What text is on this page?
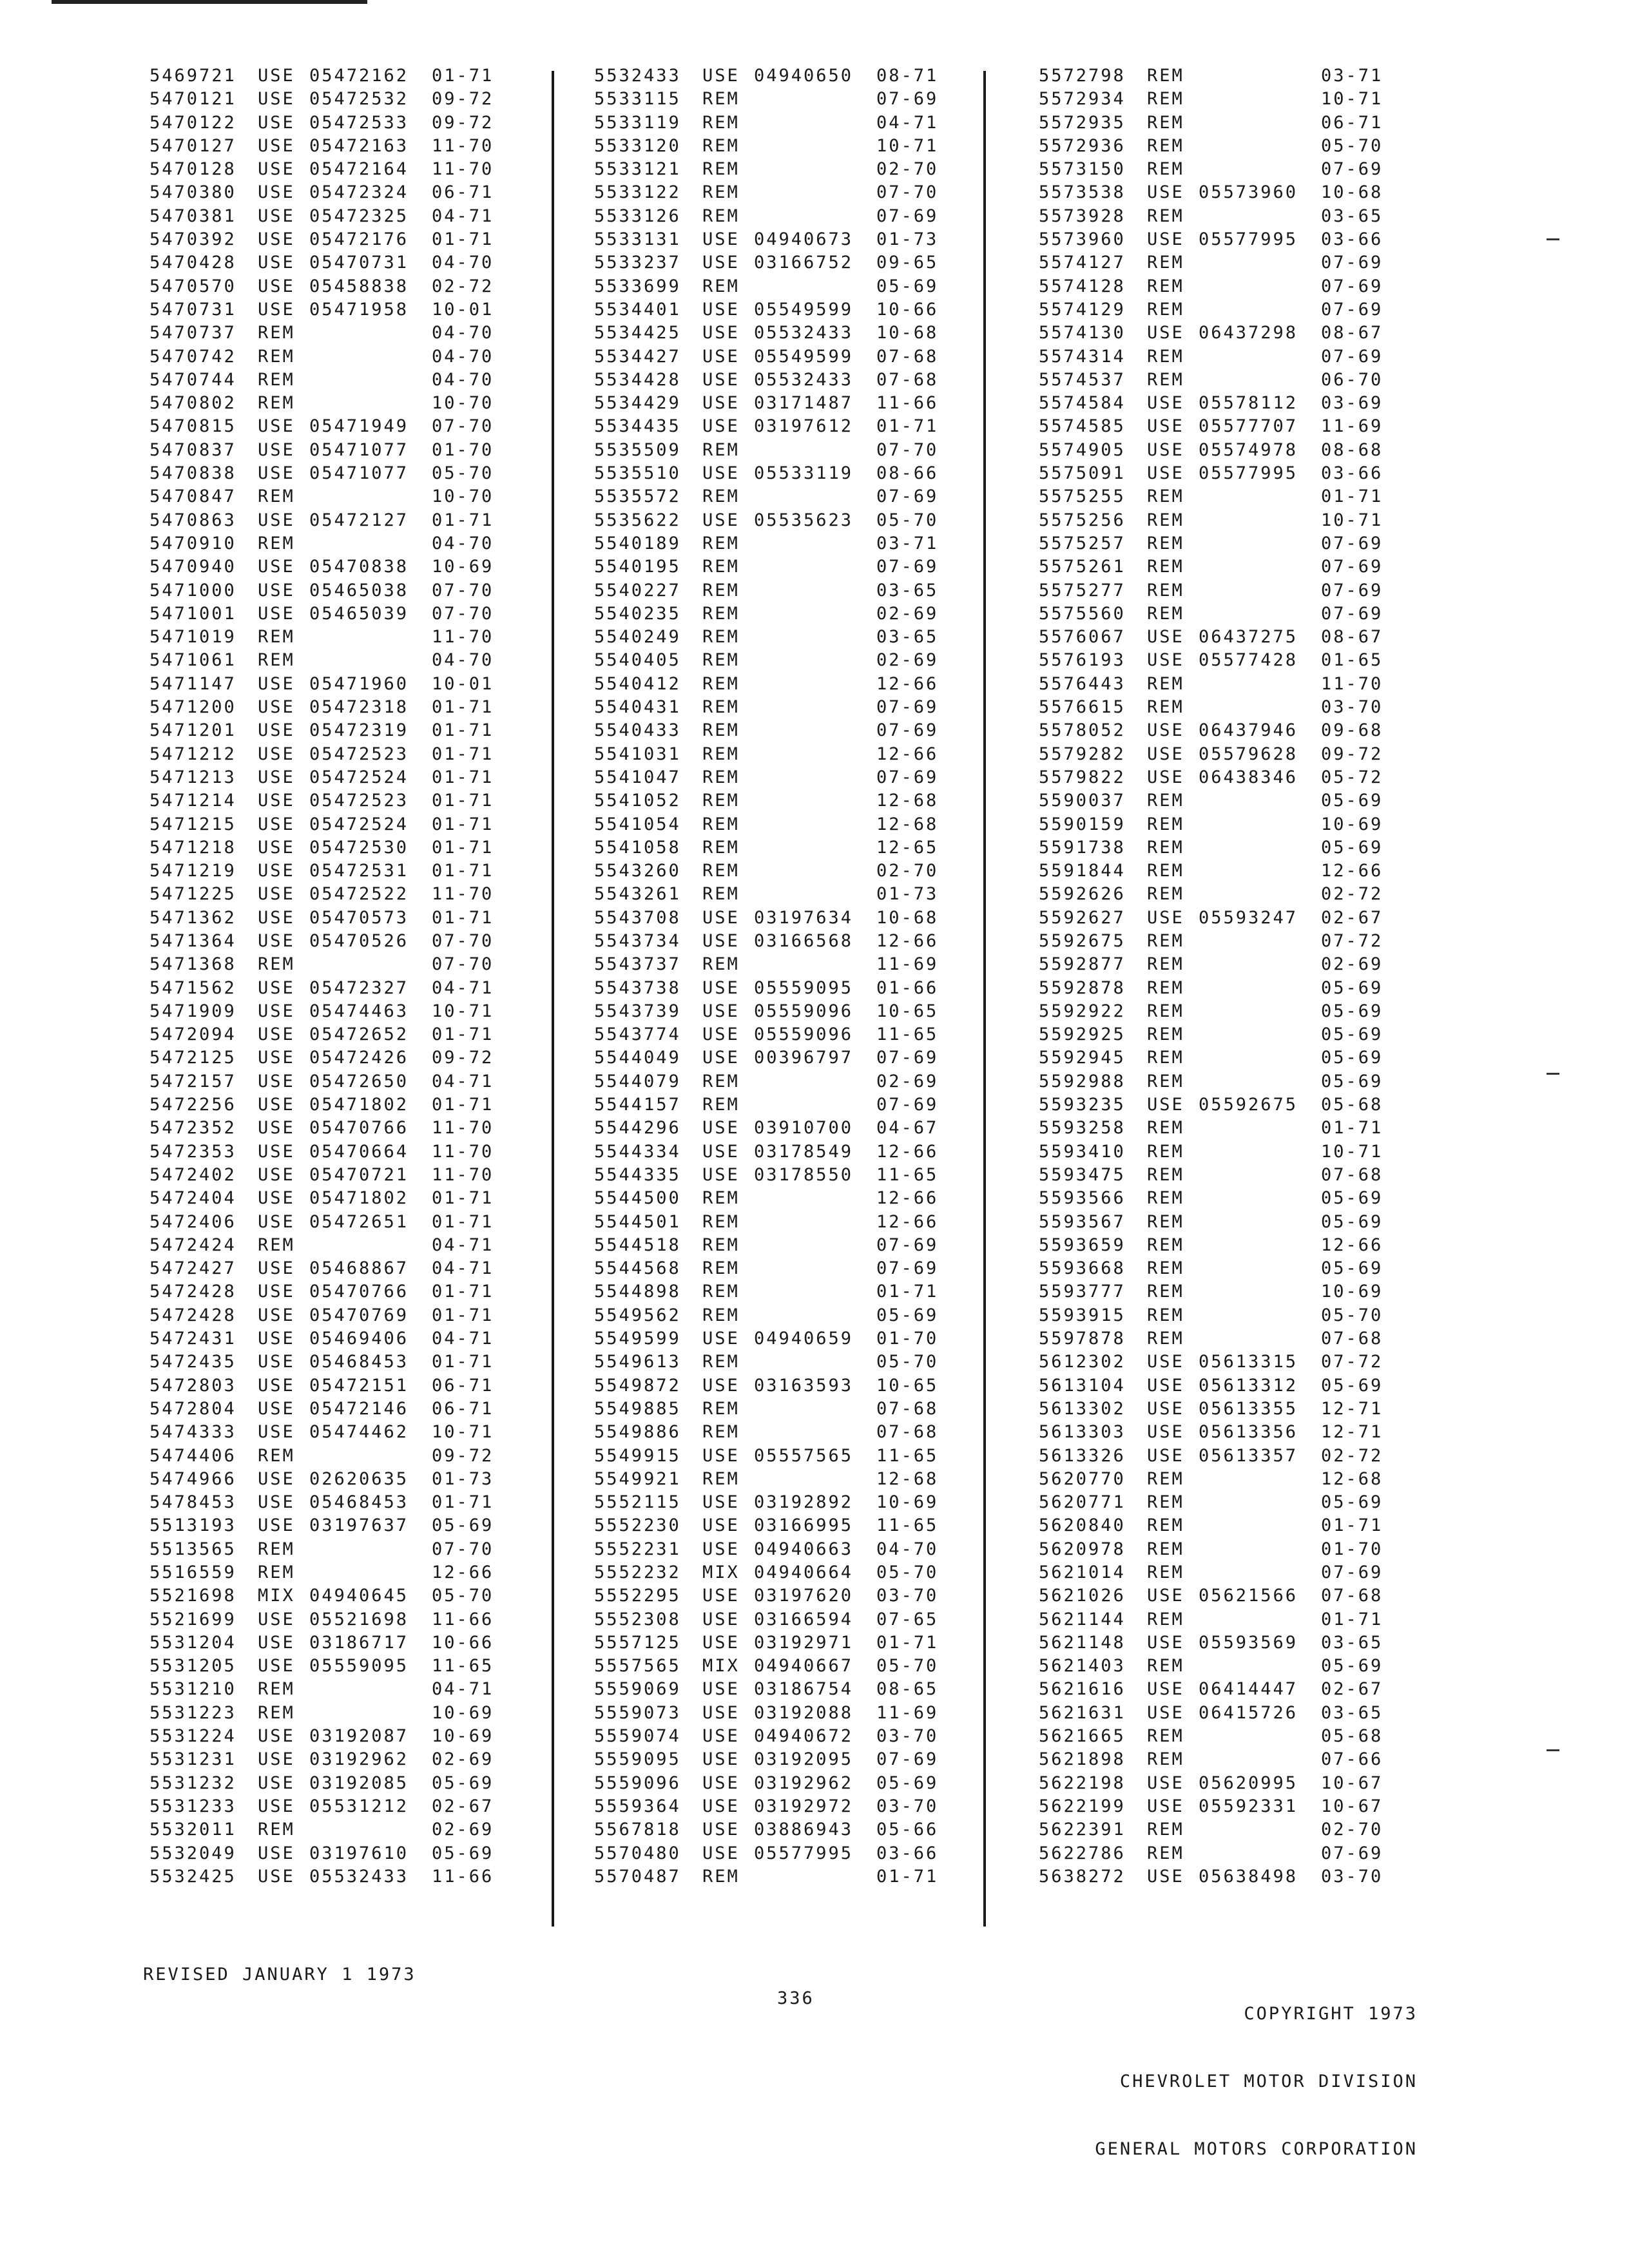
5469721 USE 05472162 01-71
5470121 USE 05472532 09-72
5470122 USE 05472533 09-72
5470127 USE 05472163 11-70
5470128 USE 05472164 11-70
5470380 USE 05472324 06-71
5470381 USE 05472325 04-71
5470392 USE 05472176 01-71
5470428 USE 05470731 04-70
5470570 USE 05458838 02-72
5470731 USE 05471958 10-01
5470737 REM	04-70
5470742 REM	04-70
5470744 REM	04-70
5470802 REM	10-70
5470815 USE 05471949 07-70
5470837 USE 05471077 01-70
5470838 USE 05471077 05-70
5470847 REM	10-70
5470863 USE 05472127 01-71
5470910 REM	04-70
5470940 USE 05470838 10-69
5471000 USE 05465038 07-70
5471001 USE 05465039 07-70
5471019 REM	11-70
5471061 REM	04-70
5471147 USE 05471960 10-01
5471200 USE 05472318 01-71
5471201 USE 05472319 01-71
5471212 USE 05472523 01-71
5471213 USE 05472524 01-71
5471214 USE 05472523 01-71
5471215 USE 05472524 01-71
5471218 USE 05472530 01-71
5471219 USE 05472531 01-71
5471225 USE 05472522 11-70
5471362 USE 05470573 01-71
5471364 USE 05470526 07-70
5471368 REM	07-70
5471562 USE 05472327 04-71
5471909 USE 05474463 10-71
5472094 USE 05472652 01-71
5472125 USE 05472426 09-72
5472157 USE 05472650 04-71
5472256 USE 05471802 01-71
5472352 USE 05470766 11-70
5472353 USE 05470664 11-70
5472402 USE 05470721 11-70
5472404 USE 05471802 01-71
5472406 USE 05472651 01-71
5472424 REM	04-71
5472427 USE 05468867 04-71
5472428 USE 05470766 01-71
5472428 USE 05470769 01-71
5472431 USE 05469406 04-71
5472435 USE 05468453 01-71
5472803 USE 05472151 06-71
5472804 USE 05472146 06-71
5474333 USE 05474462 10-71
5474406 REM	09-72
5474966 USE 02620635 01-73
5478453 USE 05468453 01-71
5513193 USE 03197637 05-69
5513565 REM	07-70
5516559 REM	12-66
5521698 MIX 04940645 05-70
5521699 USE 05521698 11-66
5531204 USE 03186717 10-66
5531205 USE 05559095 11-65
5531210 REM	04-71
5531223 REM	10-69
5531224 USE 03192087 10-69
5531231 USE 03192962 02-69
5531232 USE 03192085 05-69
5531233 USE 05531212 02-67
5532011 REM	02-69
5532049 USE 03197610 05-69
5532425 USE 05532433 11-66
5532433 USE 04940650 08-71
5533115 REM	07-69
5533119 REM	04-71
5533120 REM	10-71
5533121 REM	02-70
5533122 REM	07-70
5533126 REM	07-69
5533131 USE 04940673 01-73
5533237 USE 03166752 09-65
5533699 REM	05-69
5534401 USE 05549599 10-66
5534425 USE 05532433 10-68
5534427 USE 05549599 07-68
5534428 USE 05532433 07-68
5534429 USE 03171487 11-66
5534435 USE 03197612 01-71
5535509 REM	07-70
5535510 USE 05533119 08-66
5535572 REM	07-69
5535622 USE 05535623 05-70
5540189 REM	03-71
5540195 REM	07-69
5540227 REM	03-65
5540235 REM	02-69
5540249 REM	03-65
5540405 REM	02-69
5540412 REM	12-66
5540431 REM	07-69
5540433 REM	07-69
5541031 REM	12-66
5541047 REM	07-69
5541052 REM	12-68
5541054 REM	12-68
5541058 REM	12-65
5543260 REM	02-70
5543261 REM	01-73
5543708 USE 03197634 10-68
5543734 USE 03166568 12-66
5543737 REM	11-69
5543738 USE 05559095 01-66
5543739 USE 05559096 10-65
5543774 USE 05559096 11-65
5544049 USE 00396797 07-69
5544079 REM	02-69
5544157 REM	07-69
5544296 USE 03910700 04-67
5544334 USE 03178549 12-66
5544335 USE 03178550 11-65
5544500 REM	12-66
5544501 REM	12-66
5544518 REM	07-69
5544568 REM	07-69
5544898 REM	01-71
5549562 REM	05-69
5549599 USE 04940659 01-70
5549613 REM	05-70
5549872 USE 03163593 10-65
5549885 REM	07-68
5549886 REM	07-68
5549915 USE 05557565 11-65
5549921 REM	12-68
5552115 USE 03192892 10-69
5552230 USE 03166995 11-65
5552231 USE 04940663 04-70
5552232 MIX 04940664 05-70
5552295 USE 03197620 03-70
5552308 USE 03166594 07-65
5557125 USE 03192971 01-71
5557565 MIX 04940667 05-70
5559069 USE 03186754 08-65
5559073 USE 03192088 11-69
5559074 USE 04940672 03-70
5559095 USE 03192095 07-69
5559096 USE 03192962 05-69
5559364 USE 03192972 03-70
5567818 USE 03886943 05-66
5570480 USE 05577995 03-66
5570487 REM	01-71
5572798 REM	03-71
5572934 REM	10-71
5572935 REM	06-71
5572936 REM	05-70
5573150 REM	07-69
5573538 USE 05573960 10-68
5573928 REM	03-65
5573960 USE 05577995 03-66
5574127 REM	07-69
5574128 REM	07-69
5574129 REM	07-69
5574130 USE 06437298 08-67
5574314 REM	07-69
5574537 REM	06-70
5574584 USE 05578112 03-69
5574585 USE 05577707 11-69
5574905 USE 05574978 08-68
5575091 USE 05577995 03-66
5575255 REM	01-71
5575256 REM	10-71
5575257 REM	07-69
5575261 REM	07-69
5575277 REM	07-69
5575560 REM	07-69
5576067 USE 06437275 08-67
5576193 USE 05577428 01-65
5576443 REM	11-70
5576615 REM	03-70
5578052 USE 06437946 09-68
5579282 USE 05579628 09-72
5579822 USE 06438346 05-72
5590037 REM	05-69
5590159 REM	10-69
5591738 REM	05-69
5591844 REM	12-66
5592626 REM	02-72
5592627 USE 05593247 02-67
5592675 REM	07-72
5592877 REM	02-69
5592878 REM	05-69
5592922 REM	05-69
5592925 REM	05-69
5592945 REM	05-69
5592988 REM	05-69
5593235 USE 05592675 05-68
5593258 REM	01-71
5593410 REM	10-71
5593475 REM	07-68
5593566 REM	05-69
5593567 REM	05-69
5593659 REM	12-66
5593668 REM	05-69
5593777 REM	10-69
5593915 REM	05-70
5597878 REM	07-68
5612302 USE 05613315 07-72
5613104 USE 05613312 05-69
5613302 USE 05613355 12-71
5613303 USE 05613356 12-71
5613326 USE 05613357 02-72
5620770 REM	12-68
5620771 REM	05-69
5620840 REM	01-71
5620978 REM	01-70
5621014 REM	07-69
5621026 USE 05621566 07-68
5621144 REM	01-71
5621148 USE 05593569 03-65
5621403 REM	05-69
5621616 USE 06414447 02-67
5621631 USE 06415726 03-65
5621665 REM	05-68
5621898 REM	07-66
5622198 USE 05620995 10-67
5622199 USE 05592331 10-67
5622391 REM	02-70
5622786 REM	07-69
5638272 USE 05638498 03-70
REVISED JANUARY 1 1973
336

COPYRIGHT 1973

CHEVROLET MOTOR DIVISION

GENERAL MOTORS CORPORATION
